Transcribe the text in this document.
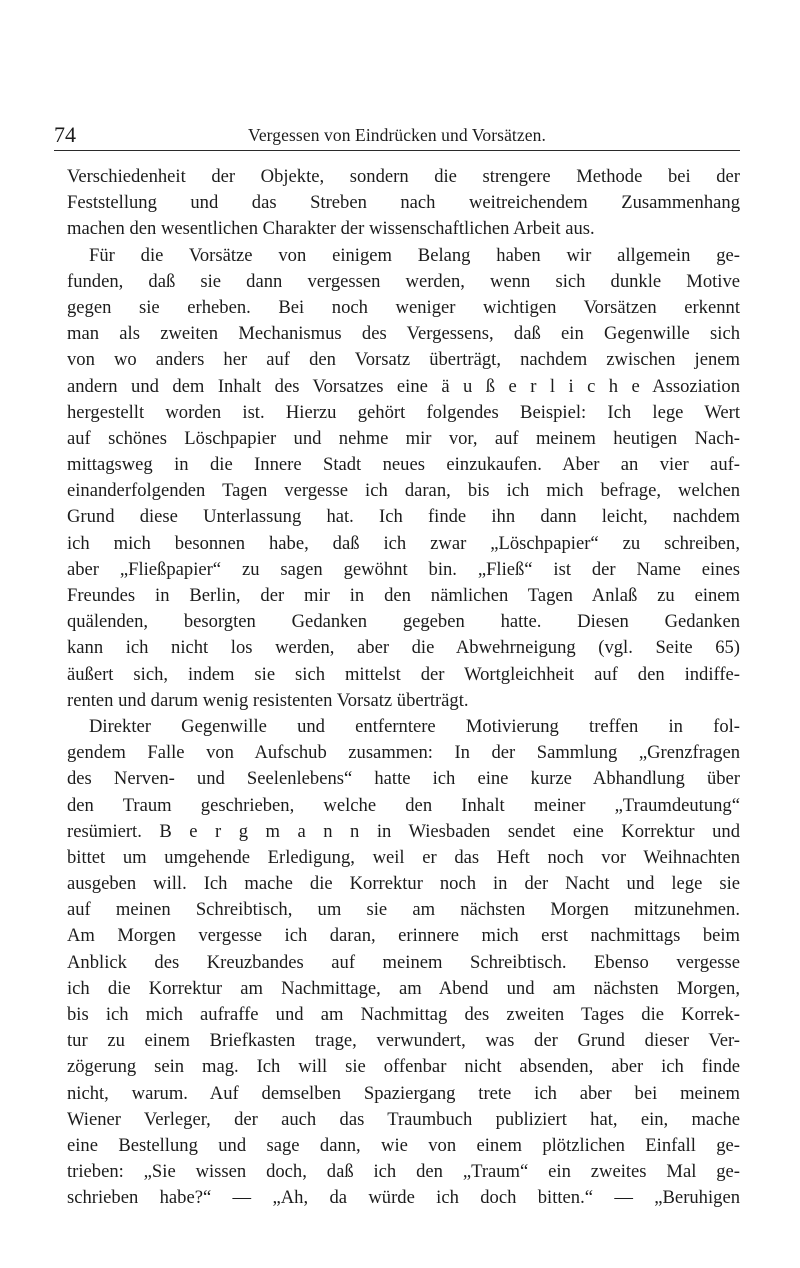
74	Vergessen von Eindrücken und Vorsätzen.
Verschiedenheit der Objekte, sondern die strengere Methode bei der
Feststellung und das Streben nach weitreichendem Zusammenhang
machen den wesentlichen Charakter der wissenschaftlichen Arbeit aus.
Für die Vorsätze von einigem Belang haben wir allgemein ge-
funden, daß sie dann vergessen werden, wenn sich dunkle Motive
gegen sie erheben. Bei noch weniger wichtigen Vorsätzen erkennt
man als zweiten Mechanismus des Vergessens, daß ein Gegenwille sich
von wo anders her auf den Vorsatz überträgt, nachdem zwischen jenem
andern und dem Inhalt des Vorsatzes eine ä u ß e r l i c h e Assoziation
hergestellt worden ist. Hierzu gehört folgendes Beispiel: Ich lege Wert
auf schönes Löschpapier und nehme mir vor, auf meinem heutigen Nach-
mittagsweg in die Innere Stadt neues einzukaufen. Aber an vier auf-
einanderfolgenden Tagen vergesse ich daran, bis ich mich befrage, welchen
Grund diese Unterlassung hat. Ich finde ihn dann leicht, nachdem
ich mich besonnen habe, daß ich zwar „Löschpapier“ zu schreiben,
aber „Fließpapier“ zu sagen gewöhnt bin. „Fließ“ ist der Name eines
Freundes in Berlin, der mir in den nämlichen Tagen Anlaß zu einem
quälenden, besorgten Gedanken gegeben hatte. Diesen Gedanken
kann ich nicht los werden, aber die Abwehrneigung (vgl. Seite 65)
äußert sich, indem sie sich mittelst der Wortgleichheit auf den indiffe-
renten und darum wenig resistenten Vorsatz überträgt.
Direkter Gegenwille und entferntere Motivierung treffen in fol-
gendem Falle von Aufschub zusammen: In der Sammlung „Grenzfragen
des Nerven- und Seelenlebens“ hatte ich eine kurze Abhandlung über
den Traum geschrieben, welche den Inhalt meiner „Traumdeutung“
resümiert. B e r g m a n n in Wiesbaden sendet eine Korrektur und
bittet um umgehende Erledigung, weil er das Heft noch vor Weihnachten
ausgeben will. Ich mache die Korrektur noch in der Nacht und lege sie
auf meinen Schreibtisch, um sie am nächsten Morgen mitzunehmen.
Am Morgen vergesse ich daran, erinnere mich erst nachmittags beim
Anblick des Kreuzbandes auf meinem Schreibtisch. Ebenso vergesse
ich die Korrektur am Nachmittage, am Abend und am nächsten Morgen,
bis ich mich aufraffe und am Nachmittag des zweiten Tages die Korrek-
tur zu einem Briefkasten trage, verwundert, was der Grund dieser Ver-
zögerung sein mag. Ich will sie offenbar nicht absenden, aber ich finde
nicht, warum. Auf demselben Spaziergang trete ich aber bei meinem
Wiener Verleger, der auch das Traumbuch publiziert hat, ein, mache
eine Bestellung und sage dann, wie von einem plötzlichen Einfall ge-
trieben: „Sie wissen doch, daß ich den „Traum“ ein zweites Mal ge-
schrieben habe?“ — „Ah, da würde ich doch bitten.“ — „Beruhigen
